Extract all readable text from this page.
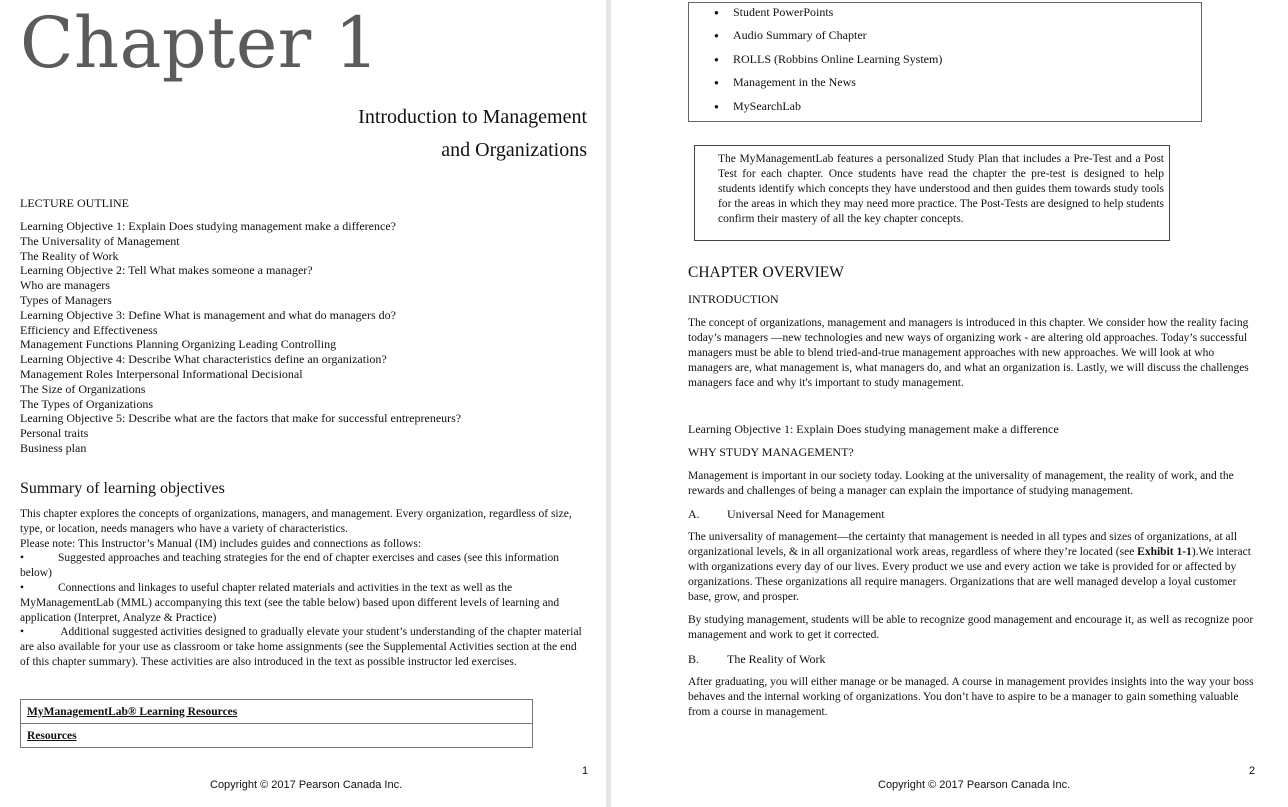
Chapter 1
Introduction to Management
and Organizations
LECTURE OUTLINE
Learning Objective 1: Explain Does studying management make a difference?
The Universality of Management
The Reality of Work
Learning Objective 2: Tell What makes someone a manager?
Who are managers
Types of Managers
Learning Objective 3: Define What is management and what do managers do?
Efficiency and Effectiveness
Management Functions Planning Organizing Leading Controlling
Learning Objective 4: Describe What characteristics define an organization?
Management Roles Interpersonal Informational Decisional
The Size of Organizations
The Types of Organizations
Learning Objective 5: Describe what are the factors that make for successful entrepreneurs?
Personal traits
Business plan
Summary of learning objectives

This chapter explores the concepts of organizations, managers, and management. Every organization, regardless of size, type, or location, needs managers who have a variety of characteristics.

Please note: This Instructor’s Manual (IM) includes guides and connections as follows:

•	Suggested approaches and teaching strategies for the end of chapter exercises and cases (see this information below)

•	Connections and linkages to useful chapter related materials and activities in the text as well as the MyManagementLab (MML) accompanying this text (see the table below) based upon different levels of learning and application (Interpret, Analyze & Practice)

•	Additional suggested activities designed to gradually elevate your student’s understanding of the chapter material are also available for your use as classroom or take home assignments (see the Supplemental Activities section at the end of this chapter summary). These activities are also introduced in the text as possible instructor led exercises.

MyManagementLab® Learning Resources
Resources
1
Copyright © 2017 Pearson Canada Inc.
● Student PowerPoints
● Audio Summary of Chapter
● ROLLS (Robbins Online Learning System)
● Management in the News
● MySearchLab
The MyManagementLab features a personalized Study Plan that includes a Pre-Test and a Post Test for each chapter. Once students have read the chapter the pre-test is designed to help students identify which concepts they have understood and then guides them towards study tools for the areas in which they may need more practice. The Post-Tests are designed to help students confirm their mastery of all the key chapter concepts.
CHAPTER OVERVIEW
INTRODUCTION
The concept of organizations, management and managers is introduced in this chapter. We consider how the reality facing today’s managers —new technologies and new ways of organizing work - are altering old approaches. Today’s successful managers must be able to blend tried-and-true management approaches with new approaches. We will look at who managers are, what management is, what managers do, and what an organization is. Lastly, we will discuss the challenges managers face and why it's important to study management.
Learning Objective 1: Explain Does studying management make a difference
WHY STUDY MANAGEMENT?
Management is important in our society today. Looking at the universality of management, the reality of work, and the rewards and challenges of being a manager can explain the importance of studying management.
A. Universal Need for Management
The universality of management—the certainty that management is needed in all types and sizes of organizations, at all organizational levels, & in all organizational work areas, regardless of where they’re located (see Exhibit 1-1).We interact with organizations every day of our lives. Every product we use and every action we take is provided for or affected by organizations. These organizations all require managers. Organizations that are well managed develop a loyal customer base, grow, and prosper.
By studying management, students will be able to recognize good management and encourage it, as well as recognize poor management and work to get it corrected.
B. The Reality of Work
After graduating, you will either manage or be managed. A course in management provides insights into the way your boss behaves and the internal working of organizations. You don’t have to aspire to be a manager to gain something valuable from a course in management.
2
Copyright © 2017 Pearson Canada Inc.
